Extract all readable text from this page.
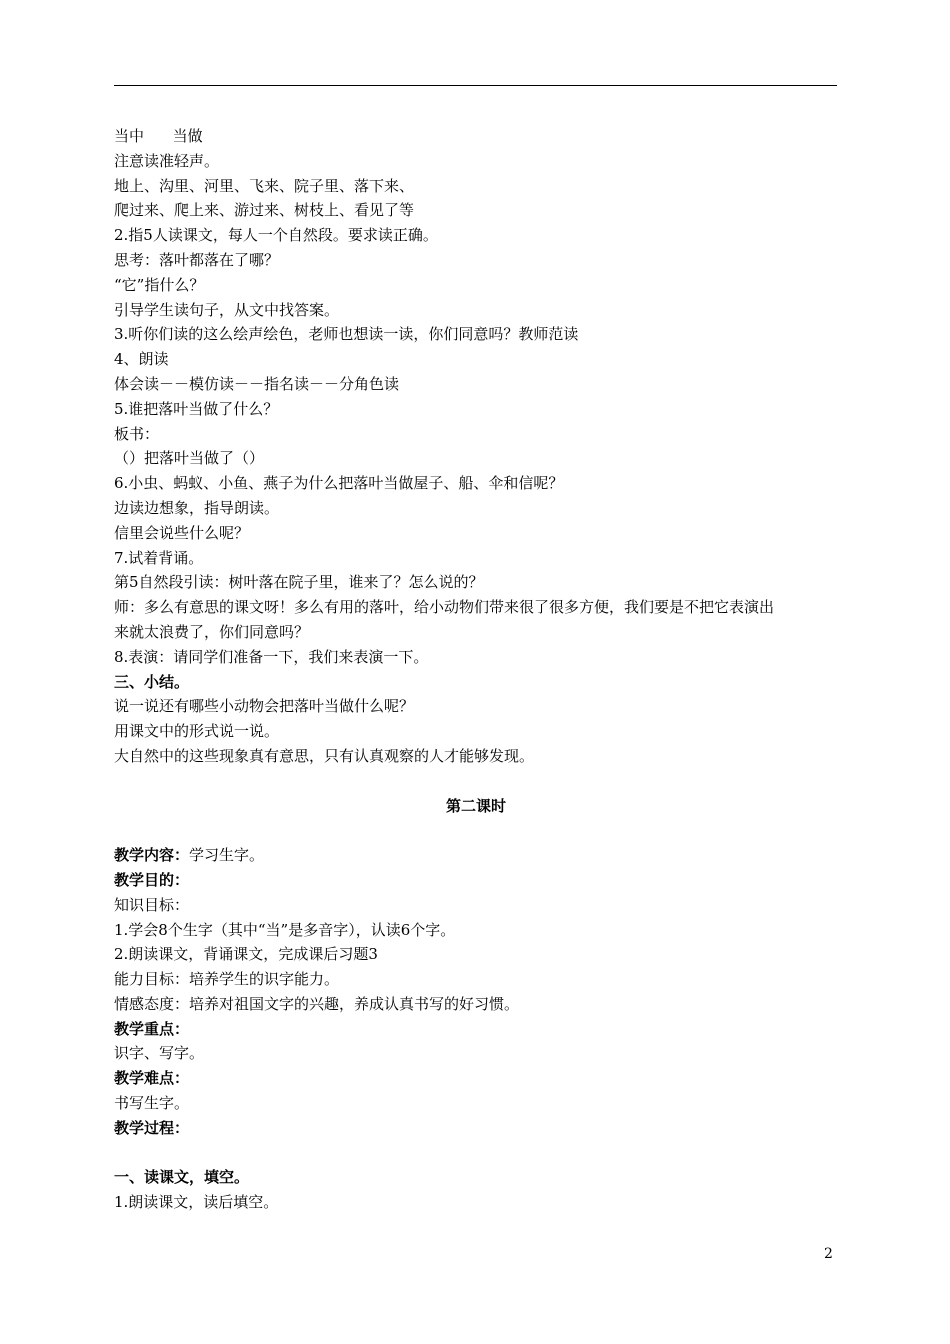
当中      当做
注意读准轻声。
地上、沟里、河里、飞来、院子里、落下来、
爬过来、爬上来、游过来、树枝上、看见了等
2.指5人读课文，每人一个自然段。要求读正确。
思考：落叶都落在了哪？
“它”指什么？
引导学生读句子，从文中找答案。
3.听你们读的这么绘声绘色，老师也想读一读，你们同意吗？教师范读
4、朗读
体会读－－模仿读－－指名读－－分角色读
5.谁把落叶当做了什么？
板书：
（）把落叶当做了（）
6.小虫、蚂蚁、小鱼、燕子为什么把落叶当做屋子、船、伞和信呢？
边读边想象，指导朗读。
信里会说些什么呢？
7.试着背诵。
第5自然段引读：树叶落在院子里，谁来了？怎么说的？
师：多么有意思的课文呀！多么有用的落叶，给小动物们带来很了很多方便，我们要是不把它表演出
来就太浪费了，你们同意吗？
8.表演：请同学们准备一下，我们来表演一下。
三、小结。
说一说还有哪些小动物会把落叶当做什么呢？
用课文中的形式说一说。
大自然中的这些现象真有意思，只有认真观察的人才能够发现。
第二课时
教学内容：学习生字。
教学目的：
知识目标：
1.学会8个生字（其中“当”是多音字），认读6个字。
2.朗读课文，背诵课文，完成课后习题3
能力目标：培养学生的识字能力。
情感态度：培养对祖国文字的兴趣，养成认真书写的好习惯。
教学重点：
识字、写字。
教学难点：
书写生字。
教学过程：
一、读课文，填空。
1.朗读课文，读后填空。
2
